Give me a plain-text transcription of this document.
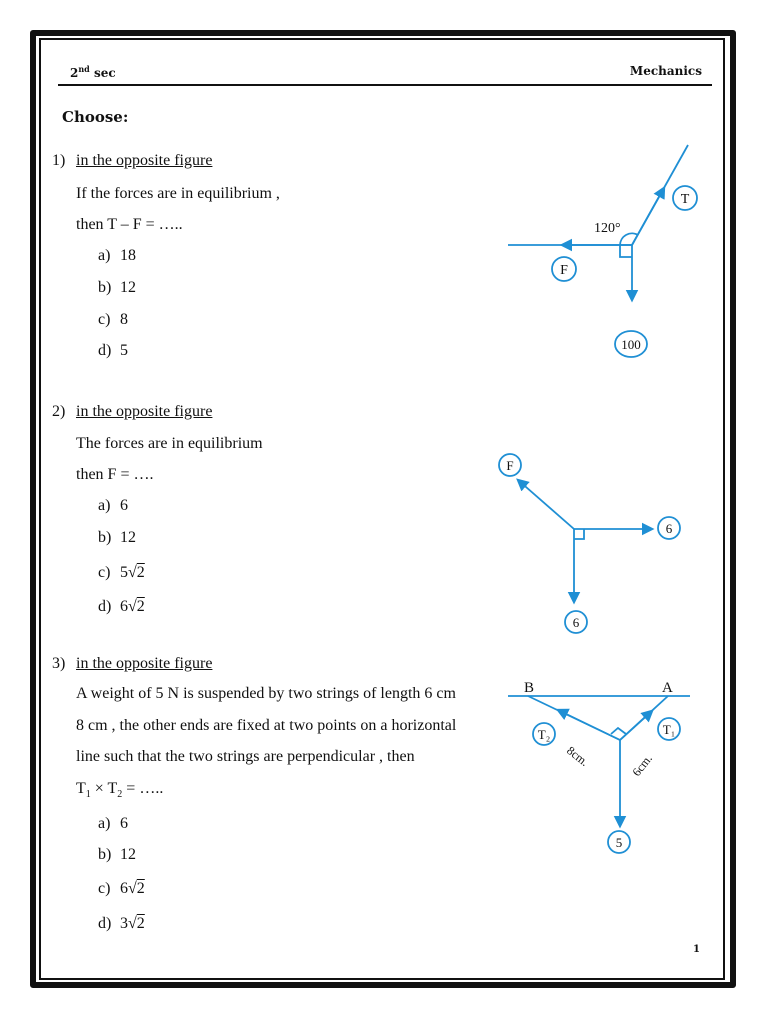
2nd sec	Mechanics
Choose:
1) in the opposite figure
If the forces are in equilibrium ,
then T – F = …..
a) 18
b) 12
c) 8
d) 5
2) in the opposite figure
The forces are in equilibrium
then F = ….
a) 6
b) 12
c) 5√2
d) 6√2
3) in the opposite figure
A weight of 5 N is suspended by two strings of length 6 cm
8 cm , the other ends are fixed at two points on a horizontal
line such that the two strings are perpendicular , then
$T_1 \times T_2$ = …..
a) 6
b) 12
c) 6√2
d) 3√2
1
T
F
100
120°
F
6
6
B	A
T₂	T₁
8cm.	6cm.
5
